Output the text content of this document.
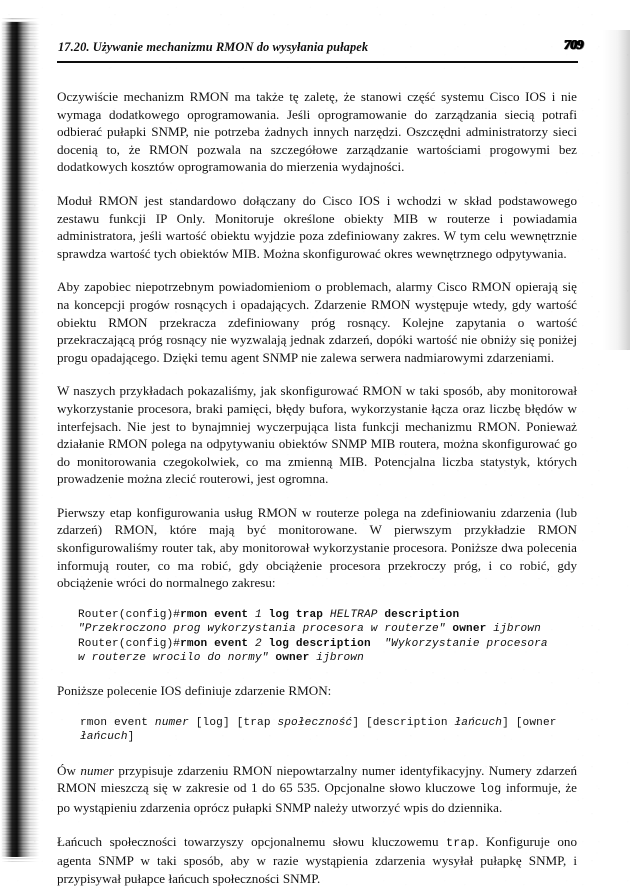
17.20. Używanie mechanizmu RMON do wysyłania pułapek	709

Oczywiście mechanizm RMON ma także tę zaletę, że stanowi część systemu Cisco IOS i nie wymaga dodatkowego oprogramowania. Jeśli oprogramowanie do zarządzania siecią potrafi odbierać pułapki SNMP, nie potrzeba żadnych innych narzędzi. Oszczędni administratorzy sieci docenią to, że RMON pozwala na szczegółowe zarządzanie wartościami progowymi bez dodatkowych kosztów oprogramowania do mierzenia wydajności.

Moduł RMON jest standardowo dołączany do Cisco IOS i wchodzi w skład podstawowego zestawu funkcji IP Only. Monitoruje określone obiekty MIB w routerze i powiadamia administratora, jeśli wartość obiektu wyjdzie poza zdefiniowany zakres. W tym celu wewnętrznie sprawdza wartość tych obiektów MIB. Można skonfigurować okres wewnętrznego odpytywania.

Aby zapobiec niepotrzebnym powiadomieniom o problemach, alarmy Cisco RMON opierają się na koncepcji progów rosnących i opadających. Zdarzenie RMON występuje wtedy, gdy wartość obiektu RMON przekracza zdefiniowany próg rosnący. Kolejne zapytania o wartość przekraczającą próg rosnący nie wyzwalają jednak zdarzeń, dopóki wartość nie obniży się poniżej progu opadającego. Dzięki temu agent SNMP nie zalewa serwera nadmiarowymi zdarzeniami.

W naszych przykładach pokazaliśmy, jak skonfigurować RMON w taki sposób, aby monitorował wykorzystanie procesora, braki pamięci, błędy bufora, wykorzystanie łącza oraz liczbę błędów w interfejsach. Nie jest to bynajmniej wyczerpująca lista funkcji mechanizmu RMON. Ponieważ działanie RMON polega na odpytywaniu obiektów SNMP MIB routera, można skonfigurować go do monitorowania czegokolwiek, co ma zmienną MIB. Potencjalna liczba statystyk, których prowadzenie można zlecić routerowi, jest ogromna.

Pierwszy etap konfigurowania usług RMON w routerze polega na zdefiniowaniu zdarzenia (lub zdarzeń) RMON, które mają być monitorowane. W pierwszym przykładzie RMON skonfigurowaliśmy router tak, aby monitorował wykorzystanie procesora. Poniższe dwa polecenia informują router, co ma robić, gdy obciążenie procesora przekroczy próg, i co robić, gdy obciążenie wróci do normalnego zakresu:

Router(config)#rmon event 1 log trap HELTRAP description
"Przekroczono prog wykorzystania procesora w routerze" owner ijbrown
Router(config)#rmon event 2 log description  "Wykorzystanie procesora
w routerze wrocilo do normy" owner ijbrown

Poniższe polecenie IOS definiuje zdarzenie RMON:

rmon event numer [log] [trap społeczność] [description łańcuch] [owner łańcuch]

Ów numer przypisuje zdarzeniu RMON niepowtarzalny numer identyfikacyjny. Numery zdarzeń RMON mieszczą się w zakresie od 1 do 65 535. Opcjonalne słowo kluczowe log informuje, że po wystąpieniu zdarzenia oprócz pułapki SNMP należy utworzyć wpis do dziennika.

Łańcuch społeczności towarzyszy opcjonalnemu słowu kluczowemu trap. Konfiguruje ono agenta SNMP w taki sposób, aby w razie wystąpienia zdarzenia wysyłał pułapkę SNMP, i przypisywał pułapce łańcuch społeczności SNMP.
